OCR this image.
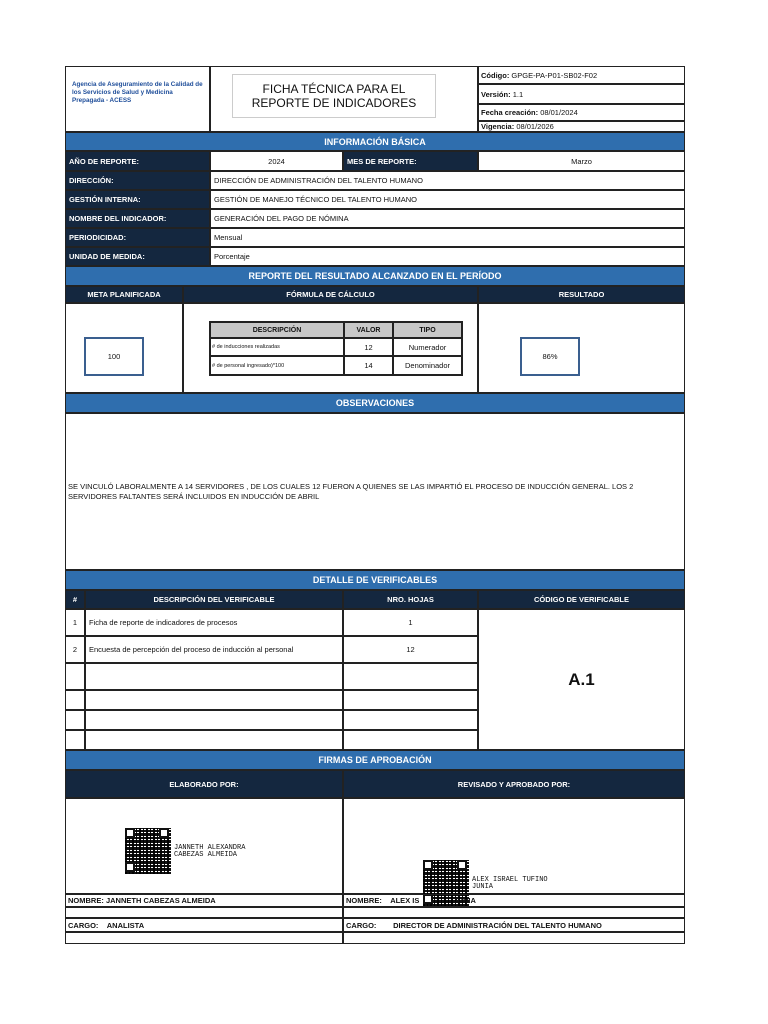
Agencia de Aseguramiento de la Calidad de los Servicios de Salud y Medicina Prepagada - ACESS
FICHA TÉCNICA PARA EL
REPORTE DE INDICADORES
Código:
GPGE-PA-P01-SB02-F02
Versión:
1.1
Fecha creación:
08/01/2024
Vigencia:
08/01/2026
INFORMACIÓN BÁSICA
AÑO DE REPORTE:	2024	MES DE REPORTE:	Marzo
DIRECCIÓN:	DIRECCIÓN DE ADMINISTRACIÓN DEL TALENTO HUMANO
GESTIÓN INTERNA:	GESTIÓN DE MANEJO TÉCNICO DEL TALENTO HUMANO
NOMBRE DEL INDICADOR:	GENERACIÓN DEL PAGO DE NÓMINA
PERIODICIDAD:	Mensual
UNIDAD DE MEDIDA:	Porcentaje
REPORTE DEL RESULTADO ALCANZADO EN EL PERÍODO
META PLANIFICADA	FÓRMULA DE CÁLCULO	RESULTADO
100	86%
DESCRIPCIÓN	VALOR	TIPO
# de inducciones realizadas	12	Numerador
# de personal ingresado)*100	14	Denominador
OBSERVACIONES
SE VINCULÓ LABORALMENTE A 14 SERVIDORES , DE LOS CUALES 12 FUERON A QUIENES SE LAS IMPARTIÓ EL PROCESO DE INDUCCIÓN GENERAL. LOS 2 SERVIDORES FALTANTES SERÁ INCLUIDOS EN INDUCCIÓN DE ABRIL
DETALLE DE VERIFICABLES
#	DESCRIPCIÓN DEL VERIFICABLE	NRO. HOJAS	CÓDIGO DE VERIFICABLE
1	Ficha de reporte de indicadores de procesos	1
2	Encuesta de percepción del proceso de inducción al personal	12
A.1
FIRMAS DE APROBACIÓN
ELABORADO POR:	REVISADO Y APROBADO POR:
JANNETH ALEXANDRA
CABEZAS ALMEIDA
ALEX ISRAEL TUFINO
JUNIA
NOMBRE:
JANNETH CABEZAS ALMEIDA	NOMBRE:
ALEX IS	JUNIA
CARGO:
ANALISTA	CARGO:
DIRECTOR DE ADMINISTRACIÓN DEL TALENTO HUMANO
